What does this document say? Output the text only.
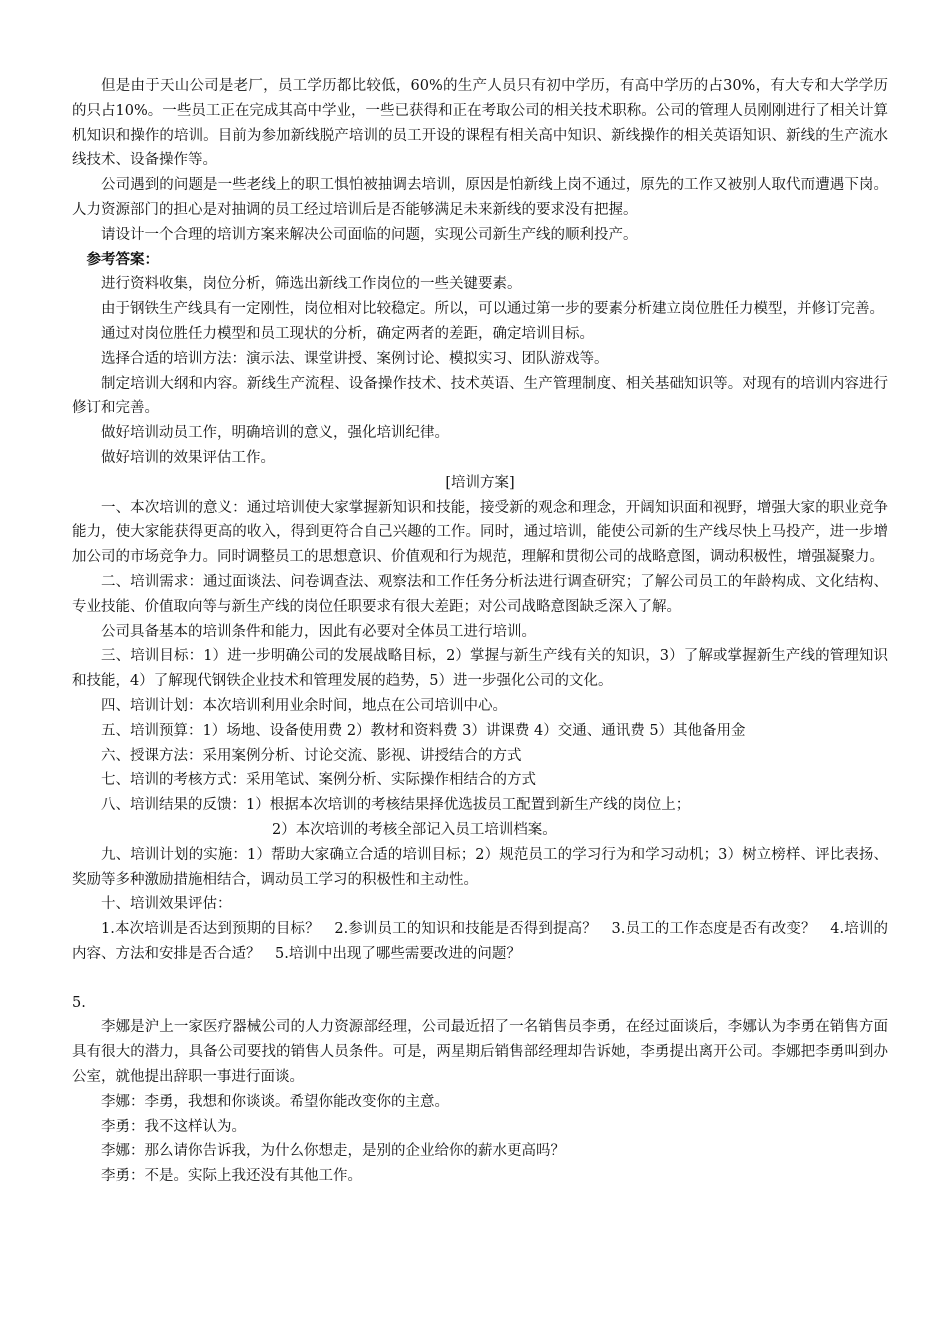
但是由于天山公司是老厂，员工学历都比较低，60%的生产人员只有初中学历，有高中学历的占30%，有大专和大学学历的只占10%。一些员工正在完成其高中学业，一些已获得和正在考取公司的相关技术职称。公司的管理人员刚刚进行了相关计算机知识和操作的培训。目前为参加新线脱产培训的员工开设的课程有相关高中知识、新线操作的相关英语知识、新线的生产流水线技术、设备操作等。

公司遇到的问题是一些老线上的职工惧怕被抽调去培训，原因是怕新线上岗不通过，原先的工作又被别人取代而遭遇下岗。人力资源部门的担心是对抽调的员工经过培训后是否能够满足未来新线的要求没有把握。

请设计一个合理的培训方案来解决公司面临的问题，实现公司新生产线的顺利投产。

参考答案：

进行资料收集，岗位分析，筛选出新线工作岗位的一些关键要素。

由于钢铁生产线具有一定刚性，岗位相对比较稳定。所以，可以通过第一步的要素分析建立岗位胜任力模型，并修订完善。

通过对岗位胜任力模型和员工现状的分析，确定两者的差距，确定培训目标。

选择合适的培训方法：演示法、课堂讲授、案例讨论、模拟实习、团队游戏等。

制定培训大纲和内容。新线生产流程、设备操作技术、技术英语、生产管理制度、相关基础知识等。对现有的培训内容进行修订和完善。

做好培训动员工作，明确培训的意义，强化培训纪律。

做好培训的效果评估工作。

[培训方案]

一、本次培训的意义：通过培训使大家掌握新知识和技能，接受新的观念和理念，开阔知识面和视野，增强大家的职业竞争能力，使大家能获得更高的收入，得到更符合自己兴趣的工作。同时，通过培训，能使公司新的生产线尽快上马投产，进一步增加公司的市场竞争力。同时调整员工的思想意识、价值观和行为规范，理解和贯彻公司的战略意图，调动积极性，增强凝聚力。

二、培训需求：通过面谈法、问卷调查法、观察法和工作任务分析法进行调查研究；了解公司员工的年龄构成、文化结构、专业技能、价值取向等与新生产线的岗位任职要求有很大差距；对公司战略意图缺乏深入了解。

公司具备基本的培训条件和能力，因此有必要对全体员工进行培训。

三、培训目标：1）进一步明确公司的发展战略目标，2）掌握与新生产线有关的知识，3）了解或掌握新生产线的管理知识和技能，4）了解现代钢铁企业技术和管理发展的趋势，5）进一步强化公司的文化。

四、培训计划：本次培训利用业余时间，地点在公司培训中心。

五、培训预算：1）场地、设备使用费 2）教材和资料费 3）讲课费 4）交通、通讯费 5）其他备用金

六、授课方法：采用案例分析、讨论交流、影视、讲授结合的方式

七、培训的考核方式：采用笔试、案例分析、实际操作相结合的方式

八、培训结果的反馈：1）根据本次培训的考核结果择优选拔员工配置到新生产线的岗位上；

2）本次培训的考核全部记入员工培训档案。

九、培训计划的实施：1）帮助大家确立合适的培训目标；2）规范员工的学习行为和学习动机；3）树立榜样、评比表扬、奖励等多种激励措施相结合，调动员工学习的积极性和主动性。

十、培训效果评估：

1.本次培训是否达到预期的目标？　2.参训员工的知识和技能是否得到提高？　3.员工的工作态度是否有改变？　4.培训的内容、方法和安排是否合适？　5.培训中出现了哪些需要改进的问题？

5.

李娜是沪上一家医疗器械公司的人力资源部经理，公司最近招了一名销售员李勇，在经过面谈后，李娜认为李勇在销售方面具有很大的潜力，具备公司要找的销售人员条件。可是，两星期后销售部经理却告诉她，李勇提出离开公司。李娜把李勇叫到办公室，就他提出辞职一事进行面谈。

李娜：李勇，我想和你谈谈。希望你能改变你的主意。

李勇：我不这样认为。

李娜：那么请你告诉我，为什么你想走，是别的企业给你的薪水更高吗？

李勇：不是。实际上我还没有其他工作。
